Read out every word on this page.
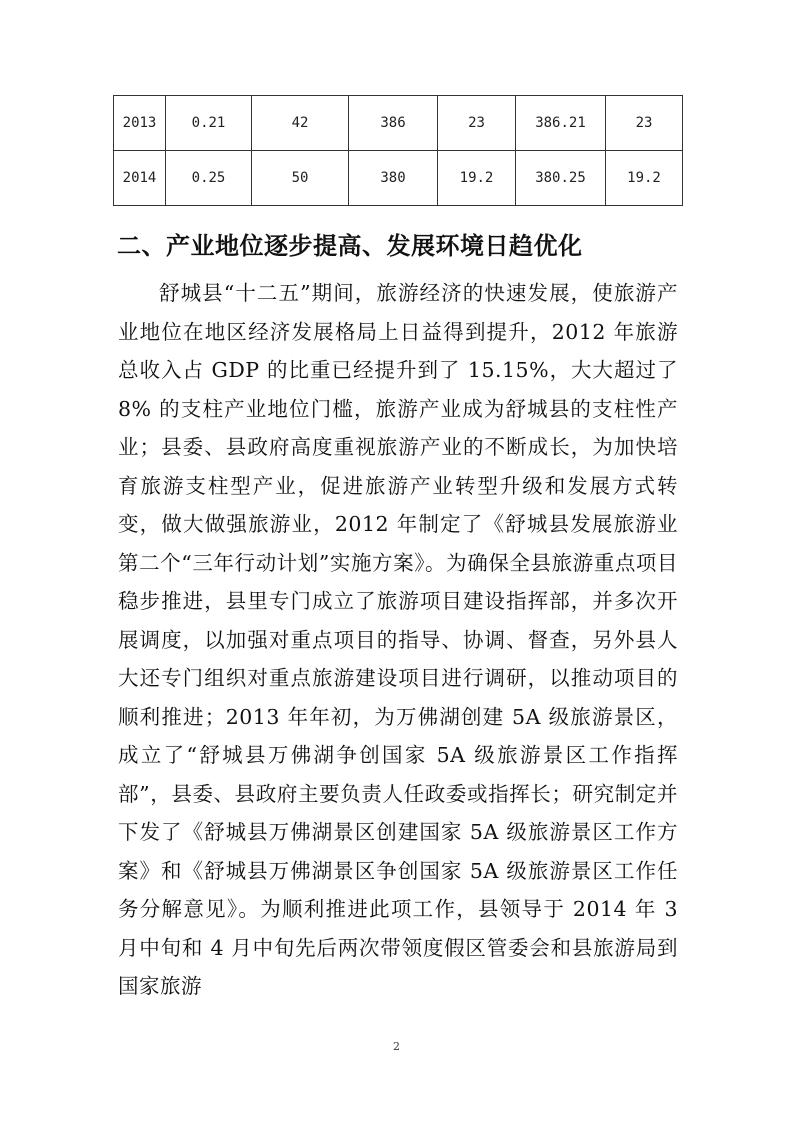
2013	0.21	42	386	23	386.21	23
2014	0.25	50	380	19.2	380.25	19.2
二、产业地位逐步提高、发展环境日趋优化

舒城县“十二五”期间，旅游经济的快速发展，使旅游产业地位在地区经济发展格局上日益得到提升，2012 年旅游总收入占 GDP 的比重已经提升到了 15.15%，大大超过了 8% 的支柱产业地位门槛，旅游产业成为舒城县的支柱性产业；县委、县政府高度重视旅游产业的不断成长，为加快培育旅游支柱型产业，促进旅游产业转型升级和发展方式转变，做大做强旅游业，2012 年制定了《舒城县发展旅游业第二个“三年行动计划”实施方案》。为确保全县旅游重点项目稳步推进，县里专门成立了旅游项目建设指挥部，并多次开展调度，以加强对重点项目的指导、协调、督查，另外县人大还专门组织对重点旅游建设项目进行调研，以推动项目的顺利推进；2013 年年初，为万佛湖创建 5A 级旅游景区，成立了“舒城县万佛湖争创国家 5A 级旅游景区工作指挥部”，县委、县政府主要负责人任政委或指挥长；研究制定并下发了《舒城县万佛湖景区创建国家 5A 级旅游景区工作方案》和《舒城县万佛湖景区争创国家 5A 级旅游景区工作任务分解意见》。为顺利推进此项工作，县领导于 2014 年 3 月中旬和 4 月中旬先后两次带领度假区管委会和县旅游局到国家旅游

2
